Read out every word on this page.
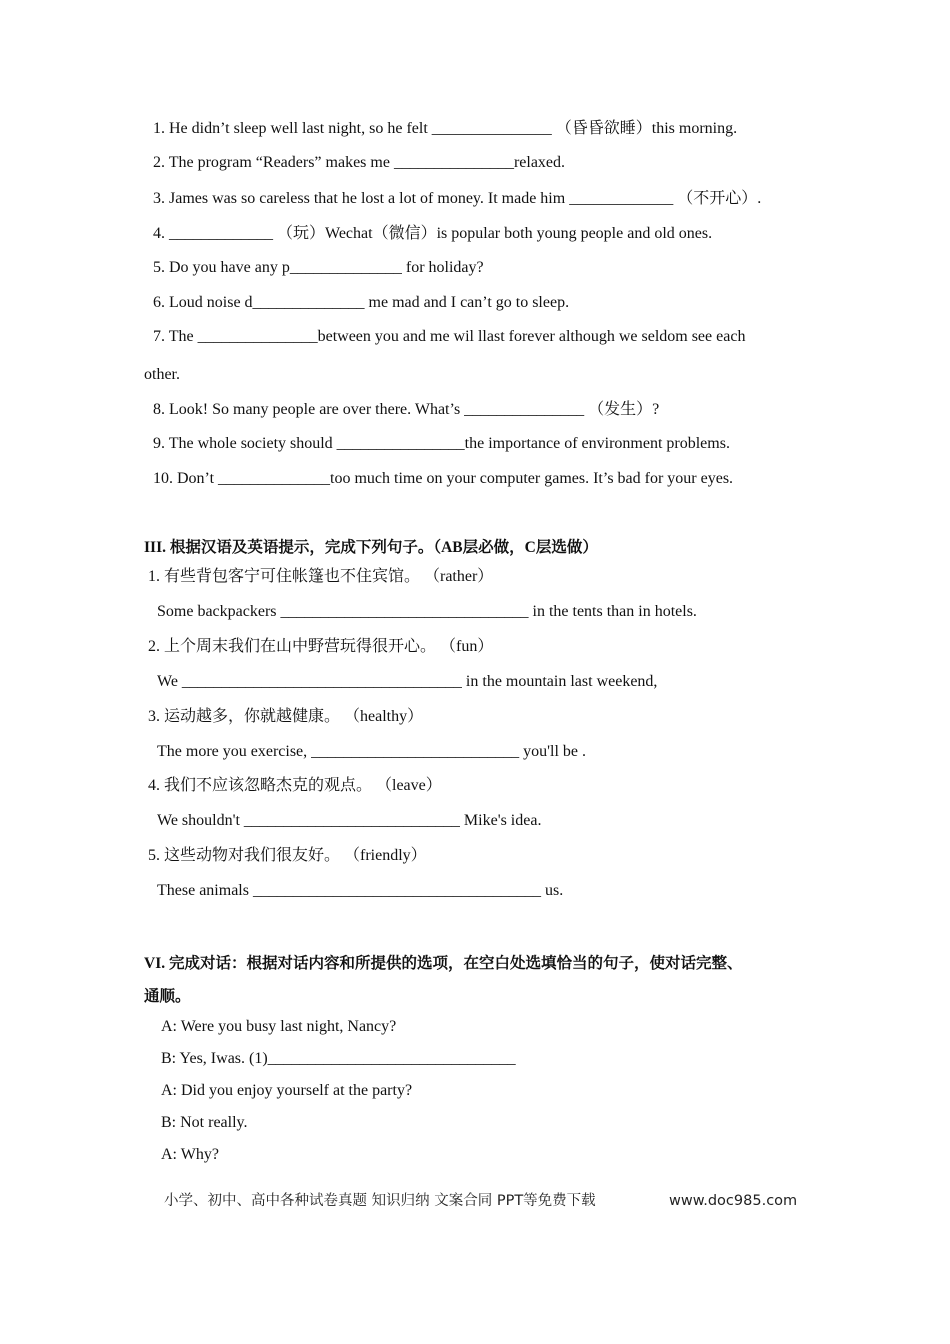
1. He didn’t sleep well last night, so he felt _______________ （昏昏欲睡）this morning.
2. The program “Readers” makes me _______________relaxed.
3. James was so careless that he lost a lot of money. It made him _____________ （不开心）.
4. _____________ （玩）Wechat（微信）is popular both young people and old ones.
5. Do you have any p______________ for holiday?
6. Loud noise d______________ me mad and I can’t go to sleep.
7. The _______________between you and me wil llast forever although we seldom see each
other.
8. Look! So many people are over there. What’s _______________ （发生）?
9. The whole society should ________________the importance of environment problems.
10. Don’t ______________too much time on your computer games. It’s bad for your eyes.
III. 根据汉语及英语提示，完成下列句子。（AB层必做，C层选做）
1. 有些背包客宁可住帐篷也不住宾馆。 （rather）
Some backpackers _______________________________ in the tents than in hotels.
2. 上个周末我们在山中野营玩得很开心。 （fun）
We ___________________________________ in the mountain last weekend,
3. 运动越多，你就越健康。 （healthy）
The more you exercise, __________________________ you'll be .
4. 我们不应该忽略杰克的观点。 （leave）
We shouldn't ___________________________ Mike's idea.
5. 这些动物对我们很友好。 （friendly）
These animals ____________________________________ us.
VI. 完成对话：根据对话内容和所提供的选项，在空白处选填恰当的句子，使对话完整、
通顺。
A: Were you busy last night, Nancy?
B: Yes, Iwas. (1)_______________________________
A: Did you enjoy yourself at the party?
B: Not really.
A: Why?
小学、初中、高中各种试卷真题 知识归纳 文案合同 PPT等免费下载	www.doc985.com
